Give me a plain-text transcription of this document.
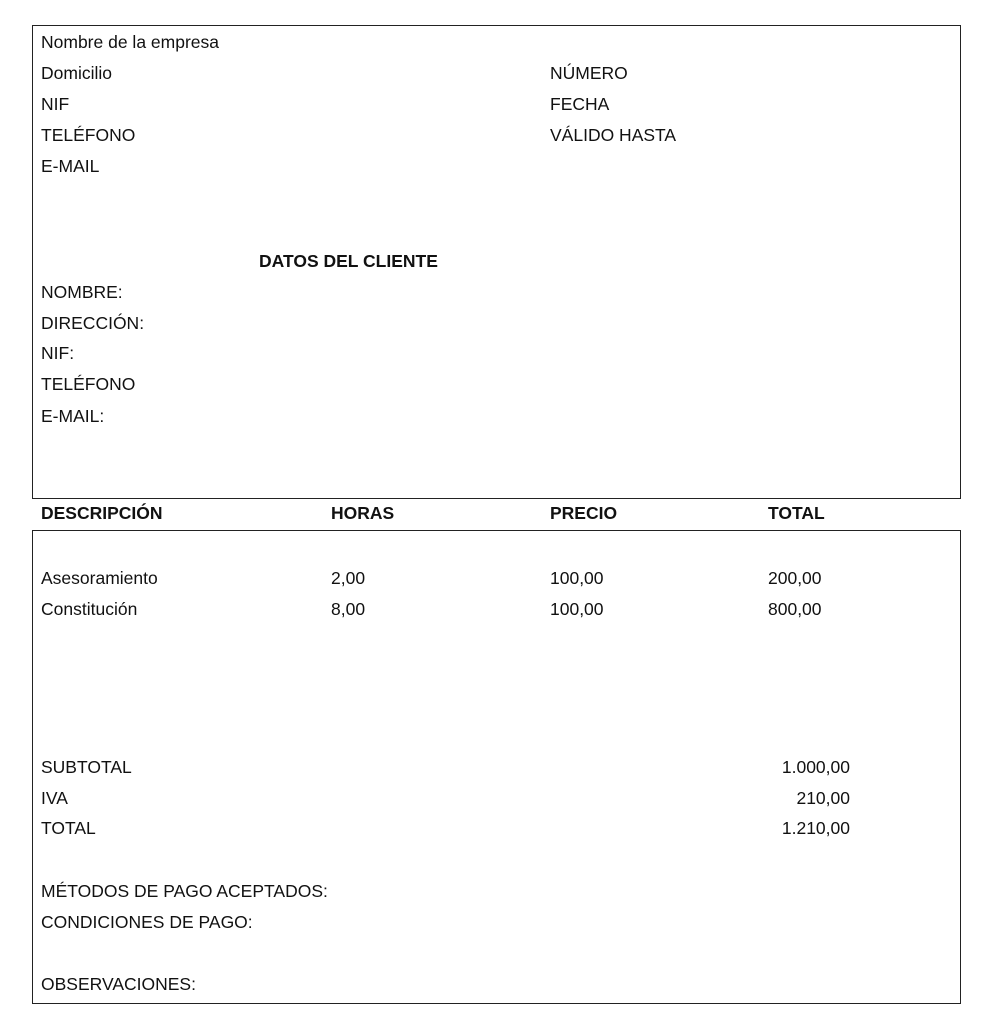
Nombre de la empresa
Domicilio
NIF
TELÉFONO
E-MAIL
NÚMERO
FECHA
VÁLIDO HASTA
DATOS DEL CLIENTE
NOMBRE:
DIRECCIÓN:
NIF:
TELÉFONO
E-MAIL:
DESCRIPCIÓN	HORAS	PRECIO	TOTAL
Asesoramiento	2,00	100,00	200,00
Constitución	8,00	100,00	800,00
SUBTOTAL	1.000,00
IVA	210,00
TOTAL	1.210,00
MÉTODOS DE PAGO ACEPTADOS:
CONDICIONES DE PAGO:
OBSERVACIONES:
